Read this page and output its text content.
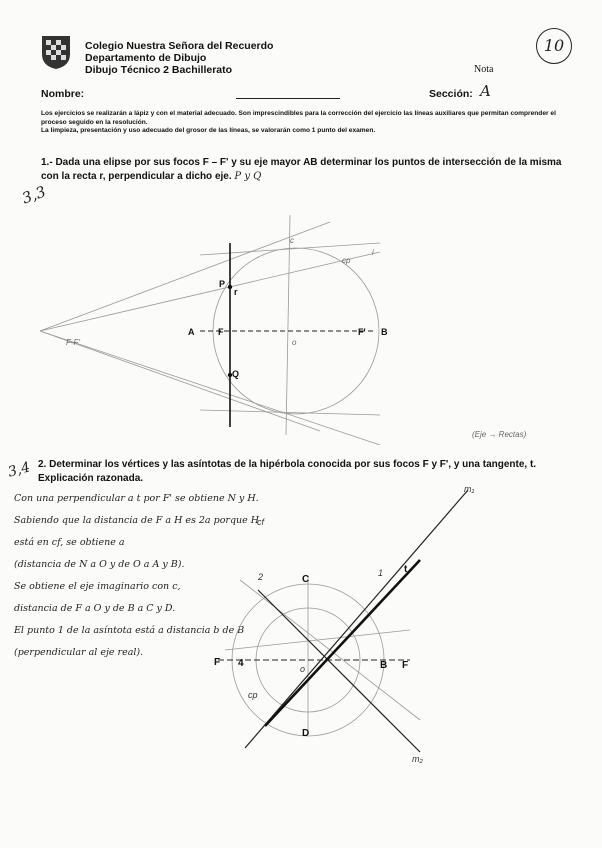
Colegio Nuestra Señora del Recuerdo
Departamento de Dibujo
Dibujo Técnico 2 Bachillerato	Nota
10
Nombre:	Sección: A
Los ejercicios se realizarán a lápiz y con el material adecuado. Son imprescindibles para la corrección del ejercicio las líneas auxiliares que permitan comprender el proceso seguido en la resolución.
La limpieza, presentación y uso adecuado del grosor de las líneas, se valorarán como 1 punto del examen.
1.- Dada una elipse por sus focos F – F' y su eje mayor AB determinar los puntos de intersección de la misma con la recta r, perpendicular a dicho eje. P y Q
3,3
A	F	F' B
P
r
Q
cp
i
c
o
F-F'
(Eje → Rectas)
2. Determinar los vértices y las asíntotas de la hipérbola conocida por sus focos F y F', y una tangente, t. Explicación razonada.
3,4
Con una perpendicular a t por F' se obtiene N y H.
Sabiendo que la distancia de F a H es 2a porque H está en cf, se obtiene a
(distancia de N a O y de O a A y B).
Se obtiene el eje imaginario con c,
distancia de F a O y de B a C y D.
El punto 1 de la asíntota está a distancia b de B
(perpendicular al eje real).
F	F
t
C
D
4	B
m₁
m₂
cp
o
1
2
cf
